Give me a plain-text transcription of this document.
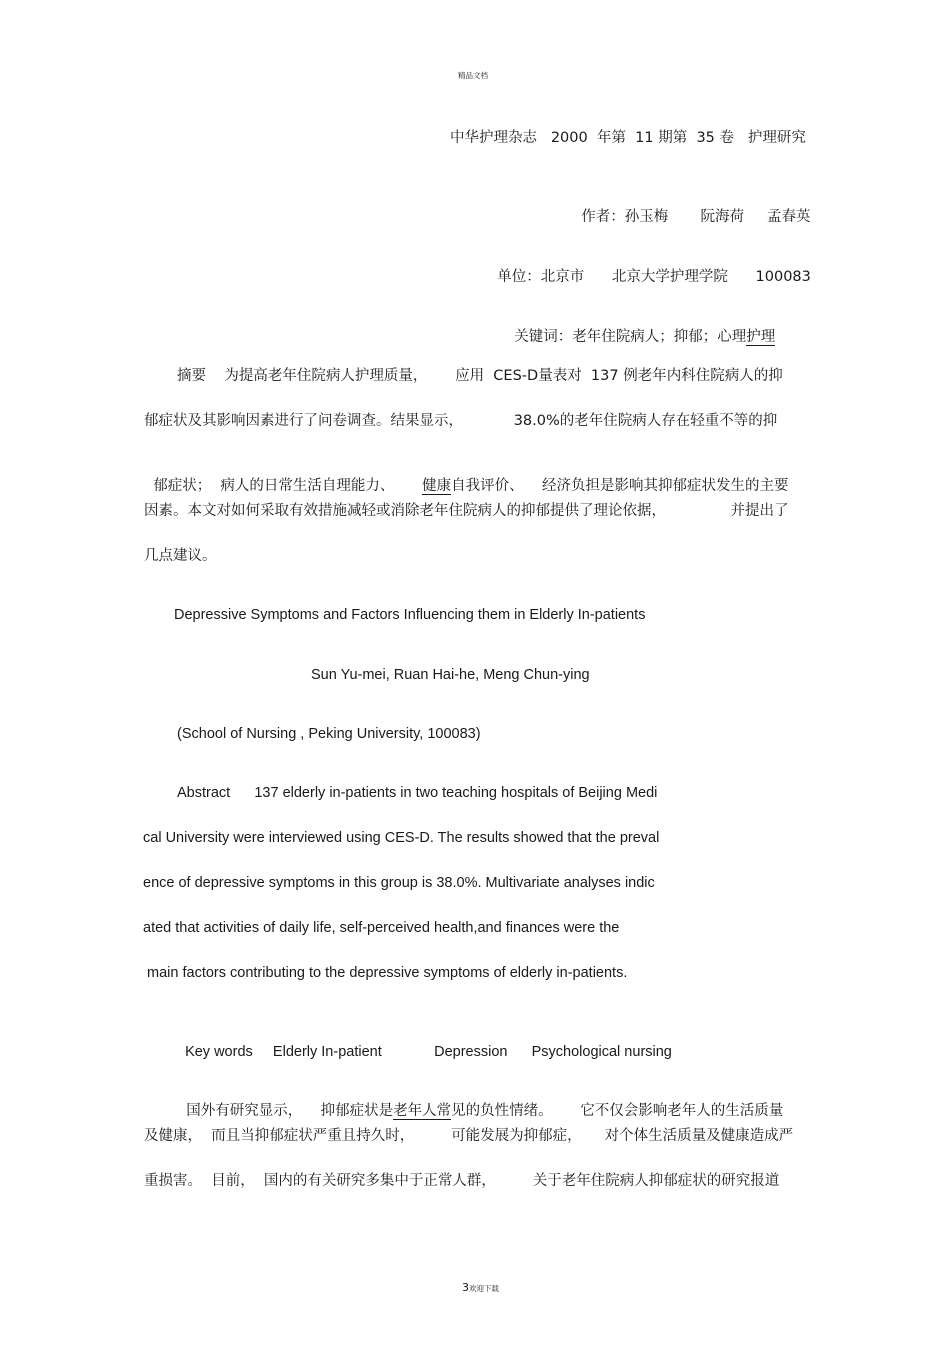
精品文档
中华护理杂志   2000  年第  11 期第  35 卷   护理研究

作者：孙玉梅 阮海荷 孟春英

单位：北京市 北京大学护理学院 100083

关键词：老年住院病人；抑郁；心理护理

摘要    为提高老年住院病人护理质量，      应用  CES-D量表对  137 例老年内科住院病人的抑
郁症状及其影响因素进行了问卷调查。结果显示，           38.0%的老年住院病人存在轻重不等的抑

郁症状；  病人的日常生活自理能力、      健康自我评价、    经济负担是影响其抑郁症状发生的主要

因素。本文对如何采取有效措施减轻或消除老年住院病人的抑郁提供了理论依据，              并提出了
几点建议。
Depressive Symptoms and Factors Influencing them in Elderly In-patients
Sun Yu-mei, Ruan Hai-he, Meng Chun-ying
(School of Nursing , Peking University, 100083)
Abstract      137 elderly in-patients in two teaching hospitals of Beijing Medi
cal University were interviewed using CES-D. The results showed that the preval
ence of depressive symptoms in this group is 38.0%. Multivariate analyses indic
ated that activities of daily life, self-perceived health,and finances were the
main factors contributing to the depressive symptoms of elderly in-patients.

Key words Elderly In-patient	Depression Psychological nursing

国外有研究显示，    抑郁症状是老年人常见的负性情绪。      它不仅会影响老年人的生活质量

及健康，  而且当抑郁症状严重且持久时，        可能发展为抑郁症，     对个体生活质量及健康造成严
重损害。  目前，  国内的有关研究多集中于正常人群，        关于老年住院病人抑郁症状的研究报道

3欢迎下载
